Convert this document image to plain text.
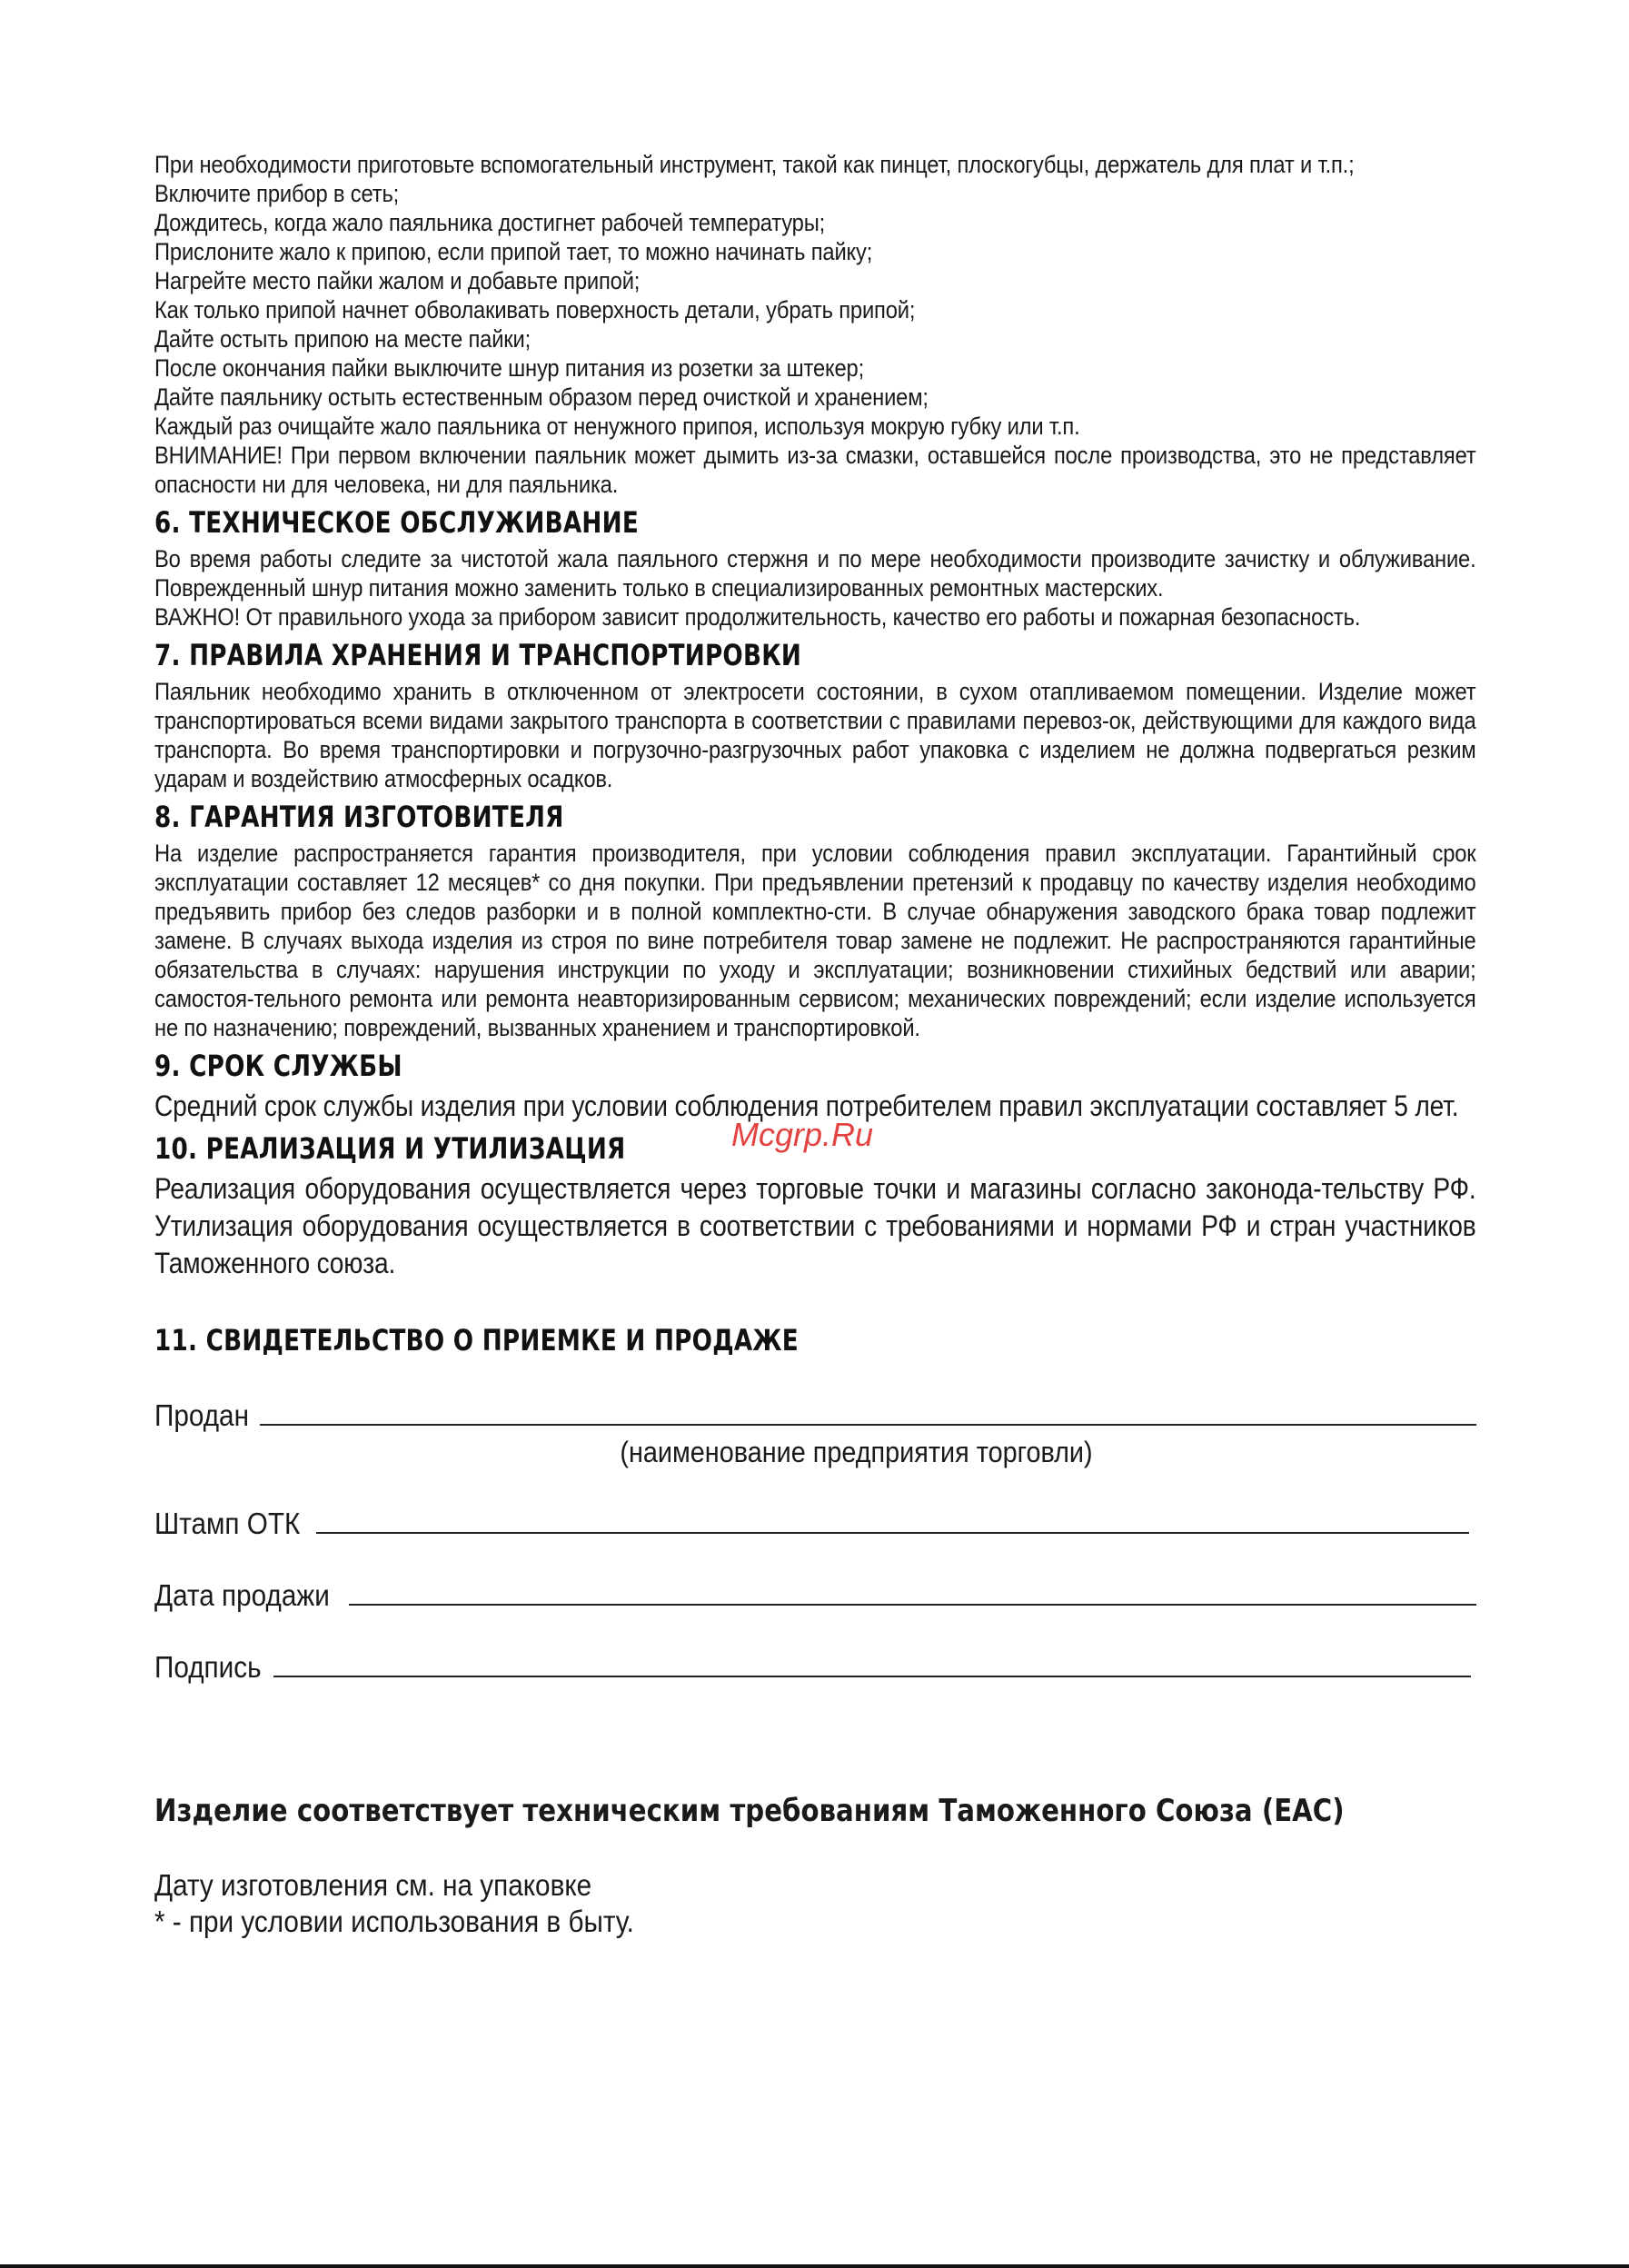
При необходимости приготовьте вспомогательный инструмент, такой как пинцет, плоскогубцы, держатель для плат и т.п.;

Включите прибор в сеть;

Дождитесь, когда жало паяльника достигнет рабочей температуры;

Прислоните жало к припою, если припой тает, то можно начинать пайку;

Нагрейте место пайки жалом и добавьте припой;

Как только припой начнет обволакивать поверхность детали, убрать припой;

Дайте остыть припою на месте пайки;

После окончания пайки выключите шнур питания из розетки за штекер;

Дайте паяльнику остыть естественным образом перед очисткой и хранением;

Каждый раз очищайте жало паяльника от ненужного припоя, используя мокрую губку или т.п.

ВНИМАНИЕ! При первом включении паяльник может дымить из-за смазки, оставшейся после производства, это не представляет опасности ни для человека, ни для паяльника.

6. ТЕХНИЧЕСКОЕ ОБСЛУЖИВАНИЕ

Во время работы следите за чистотой жала паяльного стержня и по мере необходимости производите зачистку и облуживание. Поврежденный шнур питания можно заменить только в специализированных ремонтных мастерских.

ВАЖНО! От правильного ухода за прибором зависит продолжительность, качество его работы и пожарная безопасность.

7. ПРАВИЛА ХРАНЕНИЯ И ТРАНСПОРТИРОВКИ

Паяльник необходимо хранить в отключенном от электросети состоянии, в сухом отапливаемом помещении. Изделие может транспортироваться всеми видами закрытого транспорта в соответствии с правилами перевоз-ок, действующими для каждого вида транспорта. Во время транспортировки и погрузочно-разгрузочных работ упаковка с изделием не должна подвергаться резким ударам и воздействию атмосферных осадков.

8. ГАРАНТИЯ ИЗГОТОВИТЕЛЯ

На изделие распространяется гарантия производителя, при условии соблюдения правил эксплуатации. Гарантийный срок эксплуатации составляет 12 месяцев* со дня покупки. При предъявлении претензий к продавцу по качеству изделия необходимо предъявить прибор без следов разборки и в полной комплектно-сти. В случае обнаружения заводского брака товар подлежит замене. В случаях выхода изделия из строя по вине потребителя товар замене не подлежит. Не распространяются гарантийные обязательства в случаях: нарушения инструкции по уходу и эксплуатации; возникновении стихийных бедствий или аварии; самостоя-тельного ремонта или ремонта неавторизированным сервисом; механических повреждений; если изделие используется не по назначению; повреждений, вызванных хранением и транспортировкой.

9. СРОК СЛУЖБЫ

Средний срок службы изделия при условии соблюдения потребителем правил эксплуатации составляет 5 лет.

10. РЕАЛИЗАЦИЯ И УТИЛИЗАЦИЯ

Реализация оборудования осуществляется через торговые точки и магазины согласно законода-тельству РФ. Утилизация оборудования осуществляется в соответствии с требованиями и нормами РФ и стран участников Таможенного союза.

11. СВИДЕТЕЛЬСТВО О ПРИЕМКЕ И ПРОДАЖЕ
Продан
(наименование предприятия торговли)
Штамп ОТК
Дата продажи
Подпись
Изделие соответствует техническим требованиям Таможенного Союза (EAC)
Дату изготовления см. на упаковке
* - при условии использования в быту.
Mcgrp.Ru
